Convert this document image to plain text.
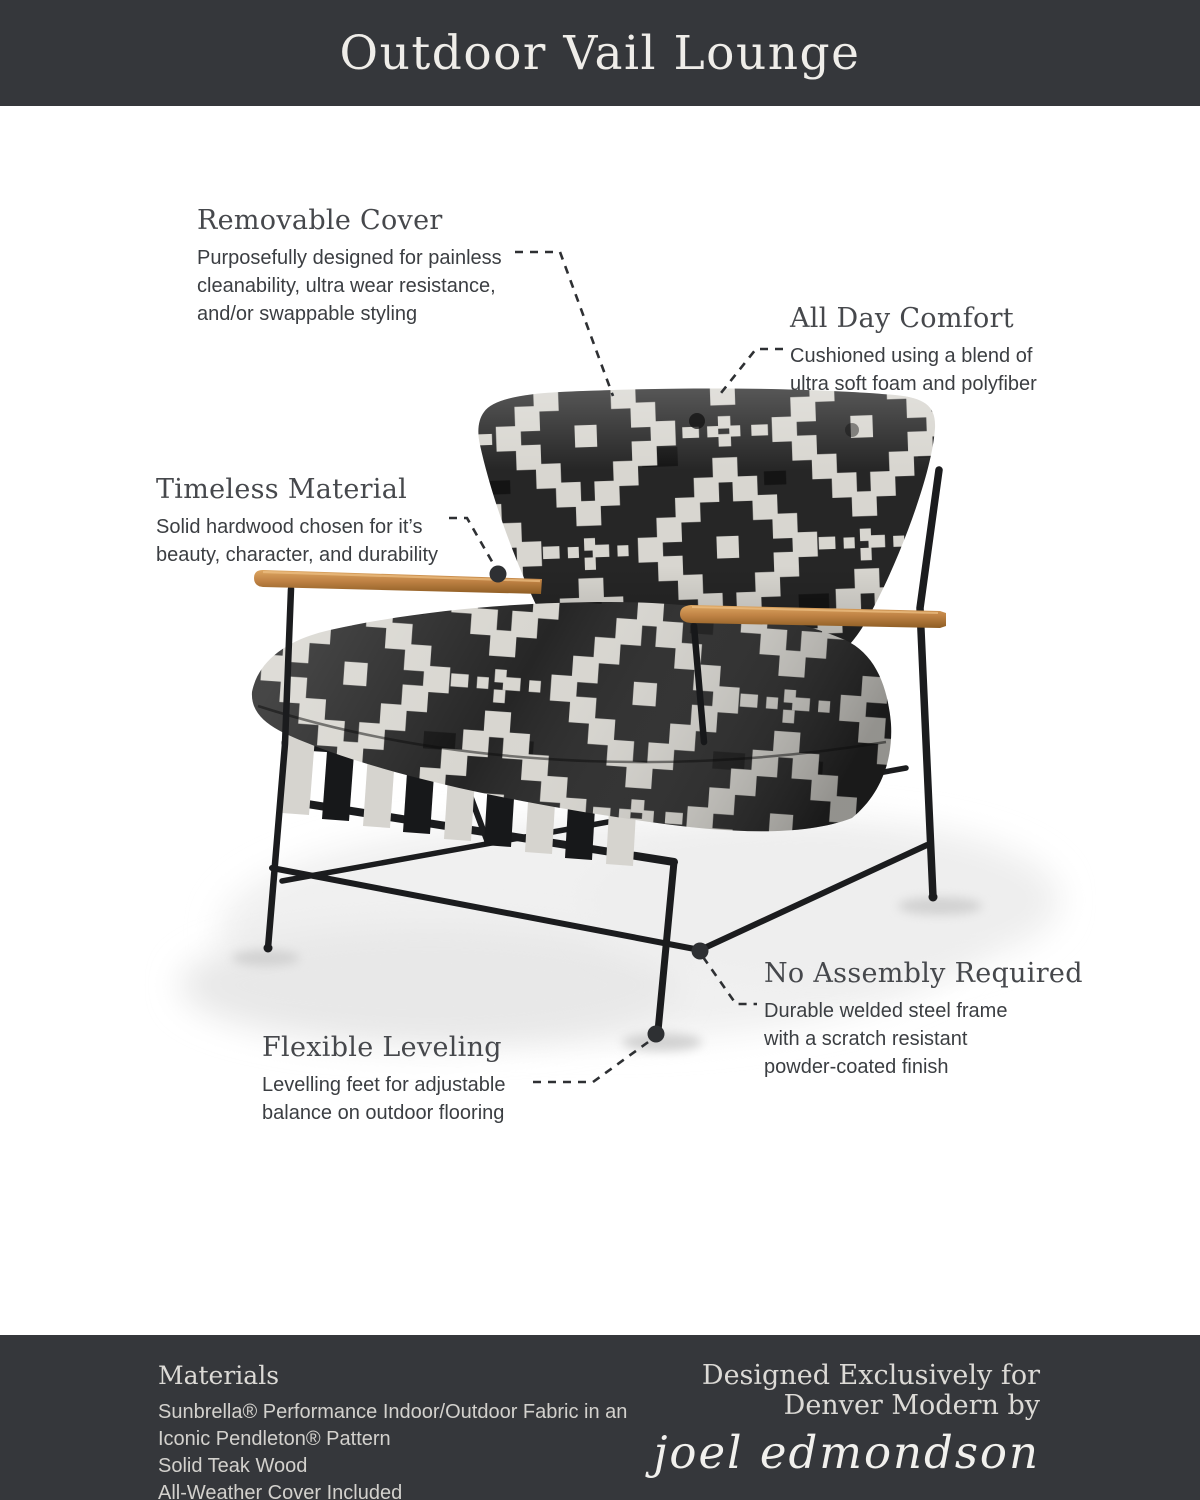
Outdoor Vail Lounge
Removable Cover
Purposefully designed for painless cleanability, ultra wear resistance, and/or swappable styling	All Day Comfort
Cushioned using a blend of ultra soft foam and polyfiber
Timeless Material
Solid hardwood chosen for it’s beauty, character, and durability
No Assembly Required
Durable welded steel frame with a scratch resistant powder-coated finish
Flexible Leveling
Levelling feet for adjustable balance on outdoor flooring
Materials
Sunbrella® Performance Indoor/Outdoor Fabric in an Iconic Pendleton® Pattern
Solid Teak Wood
All-Weather Cover Included
Designed Exclusively for
Denver Modern by
joel edmondson
